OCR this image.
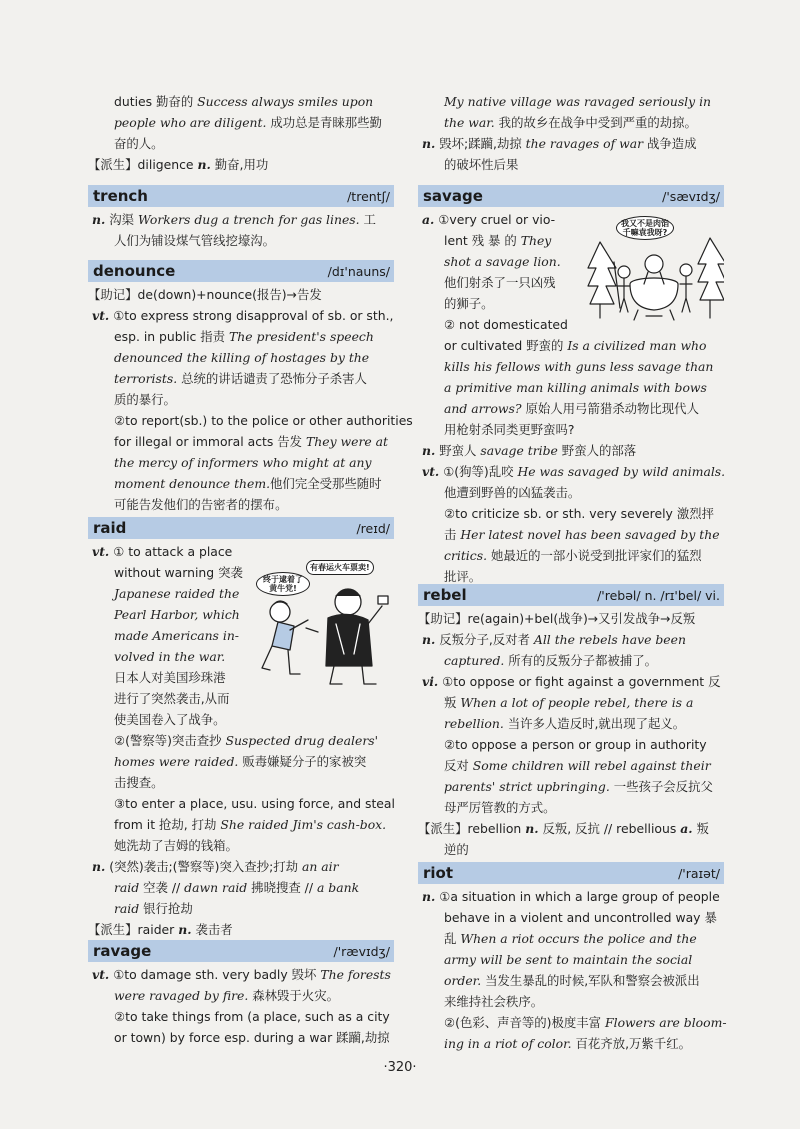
duties 勤奋的 Success always smiles upon
people who are diligent. 成功总是青睐那些勤
奋的人。
【派生】diligence n. 勤奋,用功
trench	/trentʃ/
n. 沟渠 Workers dug a trench for gas lines. 工
人们为铺设煤气管线挖壕沟。
denounce	/dɪ'nauns/
【助记】de(down)+nounce(报告)→告发
vt. ①to express strong disapproval of sb. or sth.,
esp. in public 指责 The president's speech
denounced the killing of hostages by the
terrorists. 总统的讲话谴责了恐怖分子杀害人
质的暴行。
②to report(sb.) to the police or other authorities
for illegal or immoral acts 告发 They were at
the mercy of informers who might at any
moment denounce them.他们完全受那些随时
可能告发他们的告密者的摆布。
raid	/reɪd/
vt. ① to attack a place
without warning 突袭
Japanese raided the
Pearl Harbor, which
made Americans in-
volved in the war.
日本人对美国珍珠港
进行了突然袭击,从而
使美国卷入了战争。
②(警察等)突击查抄 Suspected drug dealers'
homes were raided. 贩毒嫌疑分子的家被突
击搜查。
③to enter a place, usu. using force, and steal
from it 抢劫, 打劫 She raided Jim's cash-box.
她洗劫了吉姆的钱箱。
n. (突然)袭击;(警察等)突入查抄;打劫 an air
raid 空袭 // dawn raid 拂晓搜查 // a bank
raid 银行抢劫
【派生】raider n. 袭击者
ravage	/'rævɪdʒ/
vt. ①to damage sth. very badly 毁坏 The forests
were ravaged by fire. 森林毁于火灾。
②to take things from (a place, such as a city
or town) by force esp. during a war 蹂躏,劫掠
My native village was ravaged seriously in
the war. 我的故乡在战争中受到严重的劫掠。
n. 毁坏;蹂躏,劫掠 the ravages of war 战争造成
的破坏性后果
savage	/'sævɪdʒ/
a. ①very cruel or vio-
lent 残 暴 的 They
shot a savage lion.
他们射杀了一只凶残
的狮子。
② not domesticated
or cultivated 野蛮的 Is a civilized man who
kills his fellows with guns less savage than
a primitive man killing animals with bows
and arrows? 原始人用弓箭猎杀动物比现代人
用枪射杀同类更野蛮吗?
n. 野蛮人 savage tribe 野蛮人的部落
vt. ①(狗等)乱咬 He was savaged by wild animals.
他遭到野兽的凶猛袭击。
②to criticize sb. or sth. very severely 激烈抨
击 Her latest novel has been savaged by the
critics. 她最近的一部小说受到批评家们的猛烈
批评。
rebel	/'rebəl/ n. /rɪ'bel/ vi.
【助记】re(again)+bel(战争)→又引发战争→反叛
n. 反叛分子,反对者 All the rebels have been
captured. 所有的反叛分子都被捕了。
vi. ①to oppose or fight against a government 反
叛 When a lot of people rebel, there is a
rebellion. 当许多人造反时,就出现了起义。
②to oppose a person or group in authority
反对 Some children will rebel against their
parents' strict upbringing. 一些孩子会反抗父
母严厉管教的方式。
【派生】rebellion n. 反叛, 反抗 // rebellious a. 叛
逆的
riot	/'raɪət/
n. ①a situation in which a large group of people
behave in a violent and uncontrolled way 暴
乱 When a riot occurs the police and the
army will be sent to maintain the social
order. 当发生暴乱的时候,军队和警察会被派出
来维持社会秩序。
②(色彩、声音等的)极度丰富 Flowers are bloom-
ing in a riot of color. 百花齐放,万紫千红。
终于逮着了黄牛党!
有春运火车票卖!
我又不是肉馅千嘛袁我呀?
·320·
